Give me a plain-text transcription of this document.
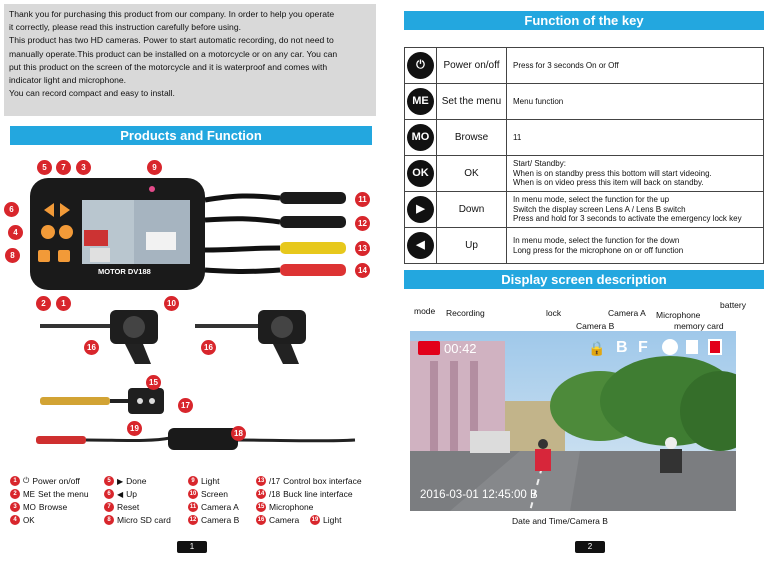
Thank you for purchasing this product from our company. In order to help you operate

it correctly, please read this instruction carefully before using.

This product has two HD cameras. Power to start automatic recording, do not need to

manually operate.This product can be installed on a motorcycle or on any car. You can

put this product on the screen of the motorcycle and it is waterproof and comes with

indicator light and microphone.

You can record compact and easy to install.

Products and Function
MOTOR DV188
5	7	3	9
6
4
8
2	1	10
11
12
13
14
16	16
15
17
19
18
1 ⏻ Power on/off
2 ME Set the menu
3 MO Browse
4 OK
5 ▶ Done
6 ◀ Up
7 Reset
8 Micro SD card
9 Light
10 Screen
11 Camera A
12 Camera B
13 /17 Control box interface
14 /18 Buck line interface
15 Microphone
16 Camera 19 Light
1
Function of the key
⏻	Power on/off	Press for 3 seconds On or Off

ME	Set the menu	Menu function

MO	Browse	11

OK	OK	Start/ Standby:
When is on standby press this bottom will start videoing.
When is on video press this item will back on standby.

▶	Down	In menu mode, select the function for the up
Switch the display screen Lens A / Lens B switch
Press and hold for 3 seconds to activate the emergency lock key

◀	Up	In menu mode, select the function for the down
Long press for the microphone on or off function
Display screen description
mode Recording	lock	Camera A
Camera B
Microphone
memory card
battery
00:42	🔒 B F
2016-03-01 12:45:00 B
Date and Time/Camera B
2
